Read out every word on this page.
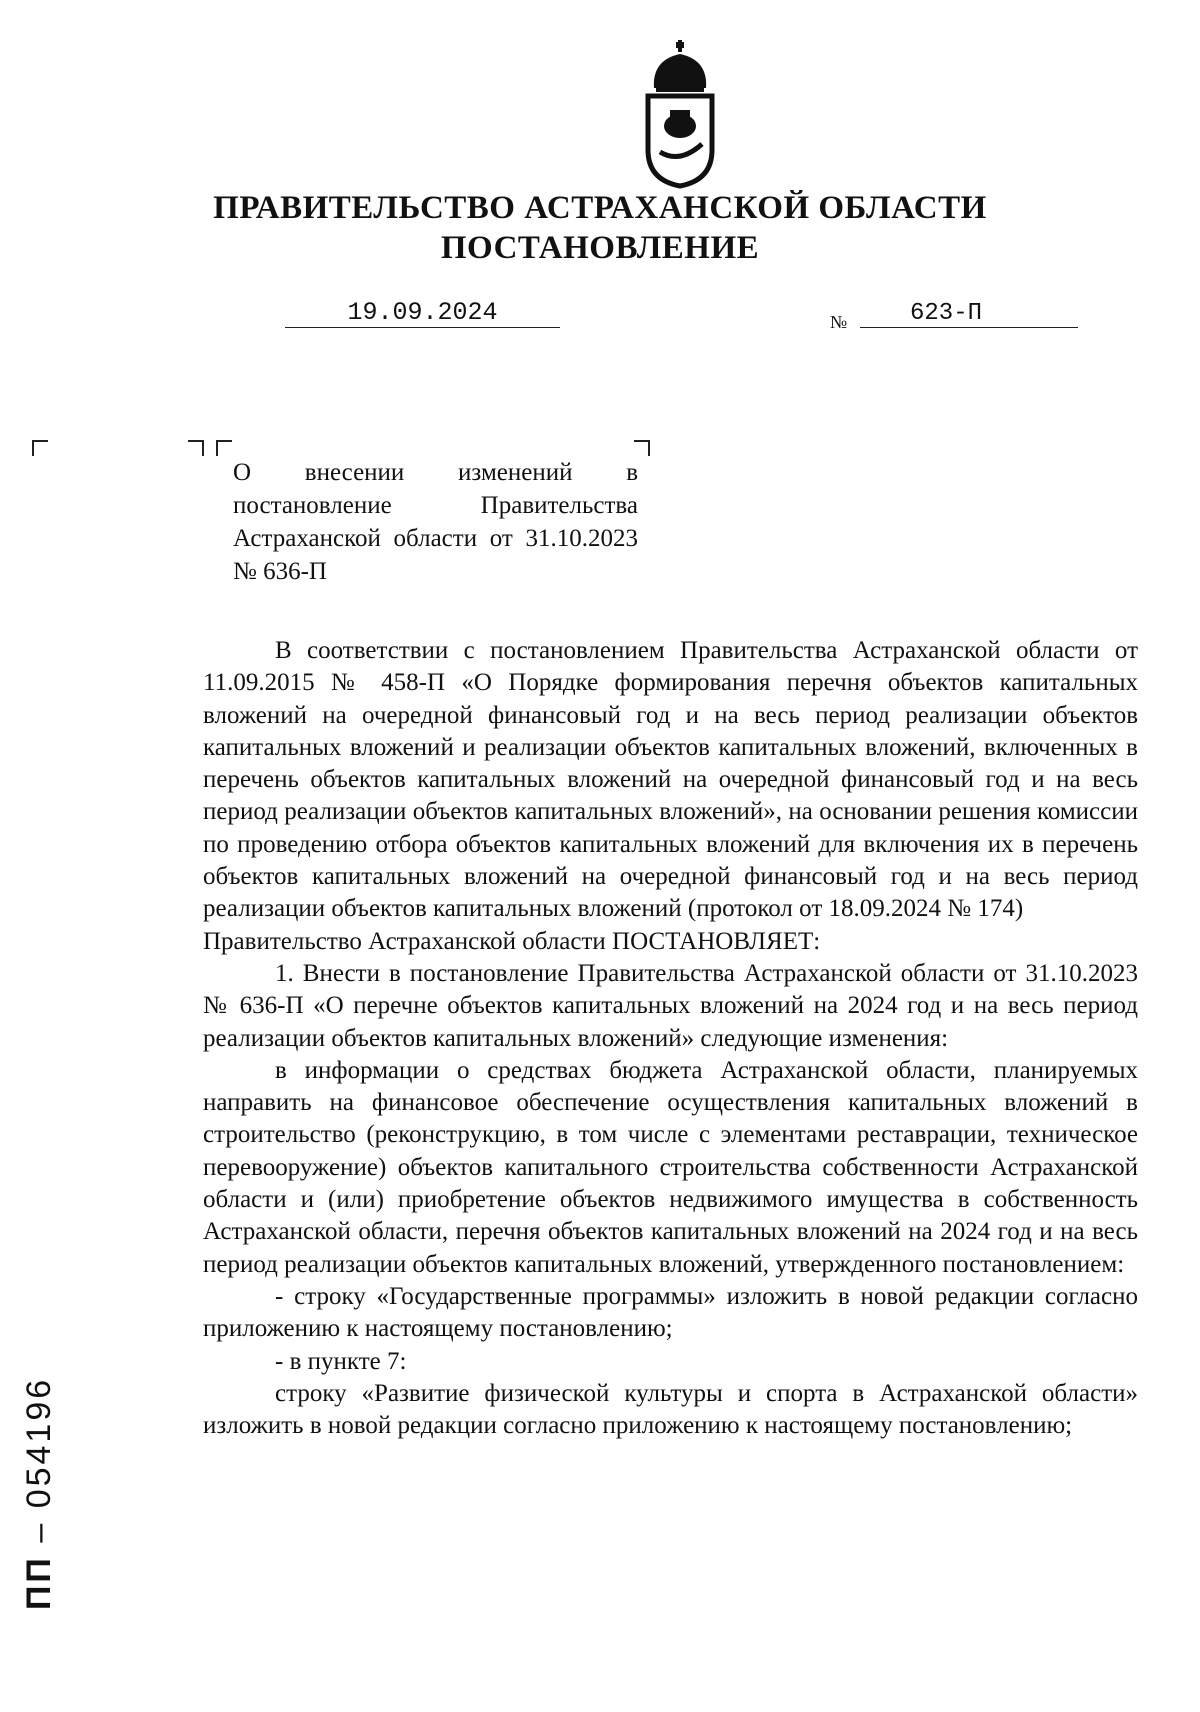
ПРАВИТЕЛЬСТВО АСТРАХАНСКОЙ ОБЛАСТИ
ПОСТАНОВЛЕНИЕ
19.09.2024	№	623-П
О внесении изменений в постановление Правительства Астраханской области от 31.10.2023 № 636-П

В соответствии с постановлением Правительства Астраханской области от 11.09.2015 № 458-П «О Порядке формирования перечня объектов капитальных вложений на очередной финансовый год и на весь период реализации объектов капитальных вложений и реализации объектов капитальных вложений, включенных в перечень объектов капитальных вложений на очередной финансовый год и на весь период реализации объектов капитальных вложений», на основании решения комиссии по проведению отбора объектов капитальных вложений для включения их в перечень объектов капитальных вложений на очередной финансовый год и на весь период реализации объектов капитальных вложений (протокол от 18.09.2024 № 174)

Правительство Астраханской области ПОСТАНОВЛЯЕТ:

1. Внести в постановление Правительства Астраханской области от 31.10.2023 № 636-П «О перечне объектов капитальных вложений на 2024 год и на весь период реализации объектов капитальных вложений» следующие изменения:

в информации о средствах бюджета Астраханской области, планируемых направить на финансовое обеспечение осуществления капитальных вложений в строительство (реконструкцию, в том числе с элементами реставрации, техническое перевооружение) объектов капитального строительства собственности Астраханской области и (или) приобретение объектов недвижимого имущества в собственность Астраханской области, перечня объектов капитальных вложений на 2024 год и на весь период реализации объектов капитальных вложений, утвержденного постановлением:

- строку «Государственные программы» изложить в новой редакции согласно приложению к настоящему постановлению;

- в пункте 7:

строку «Развитие физической культуры и спорта в Астраханской области» изложить в новой редакции согласно приложению к настоящему постановлению;

ПП – 054196
